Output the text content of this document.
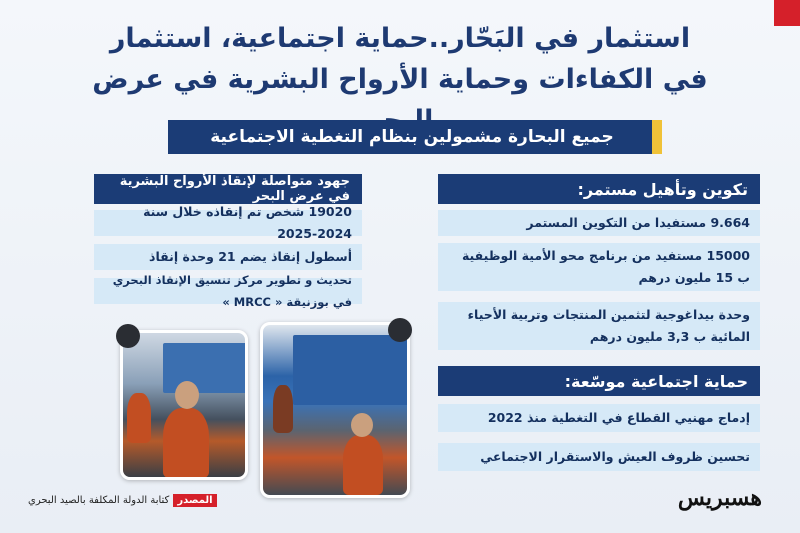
استثمار في البَحّار..حماية اجتماعية، استثمار
في الكفاءات وحماية الأرواح البشرية في عرض
جميع البحارة مشمولين بنظام التغطية الاجتماعية
تكوين وتأهيل مستمر:
9.664 مستفيدا من التكوين المستمر
15000 مستفيد من برنامج محو الأمية الوظيفية ب 15 مليون درهم
وحدة بيداغوجية لتثمين المنتجات وتربية الأحياء المائية ب 3,3 مليون درهم
حماية اجتماعية موسّعة:
إدماج مهنيي القطاع في التغطية منذ 2022
تحسين ظروف العيش والاستقرار الاجتماعي
جهود متواصلة لإنقاذ الأرواح البشرية في عرض البحر
19020 شخص تم إنقاذه خلال سنة 2024-2025
أسطول إنقاذ يضم 21 وحدة إنقاذ
تحديث و تطوير مركز تنسيق الإنقاذ البحري في بوزنيقة « MRCC »
المصدر
كتابة الدولة المكلفة بالصيد البحري	هسبريس
